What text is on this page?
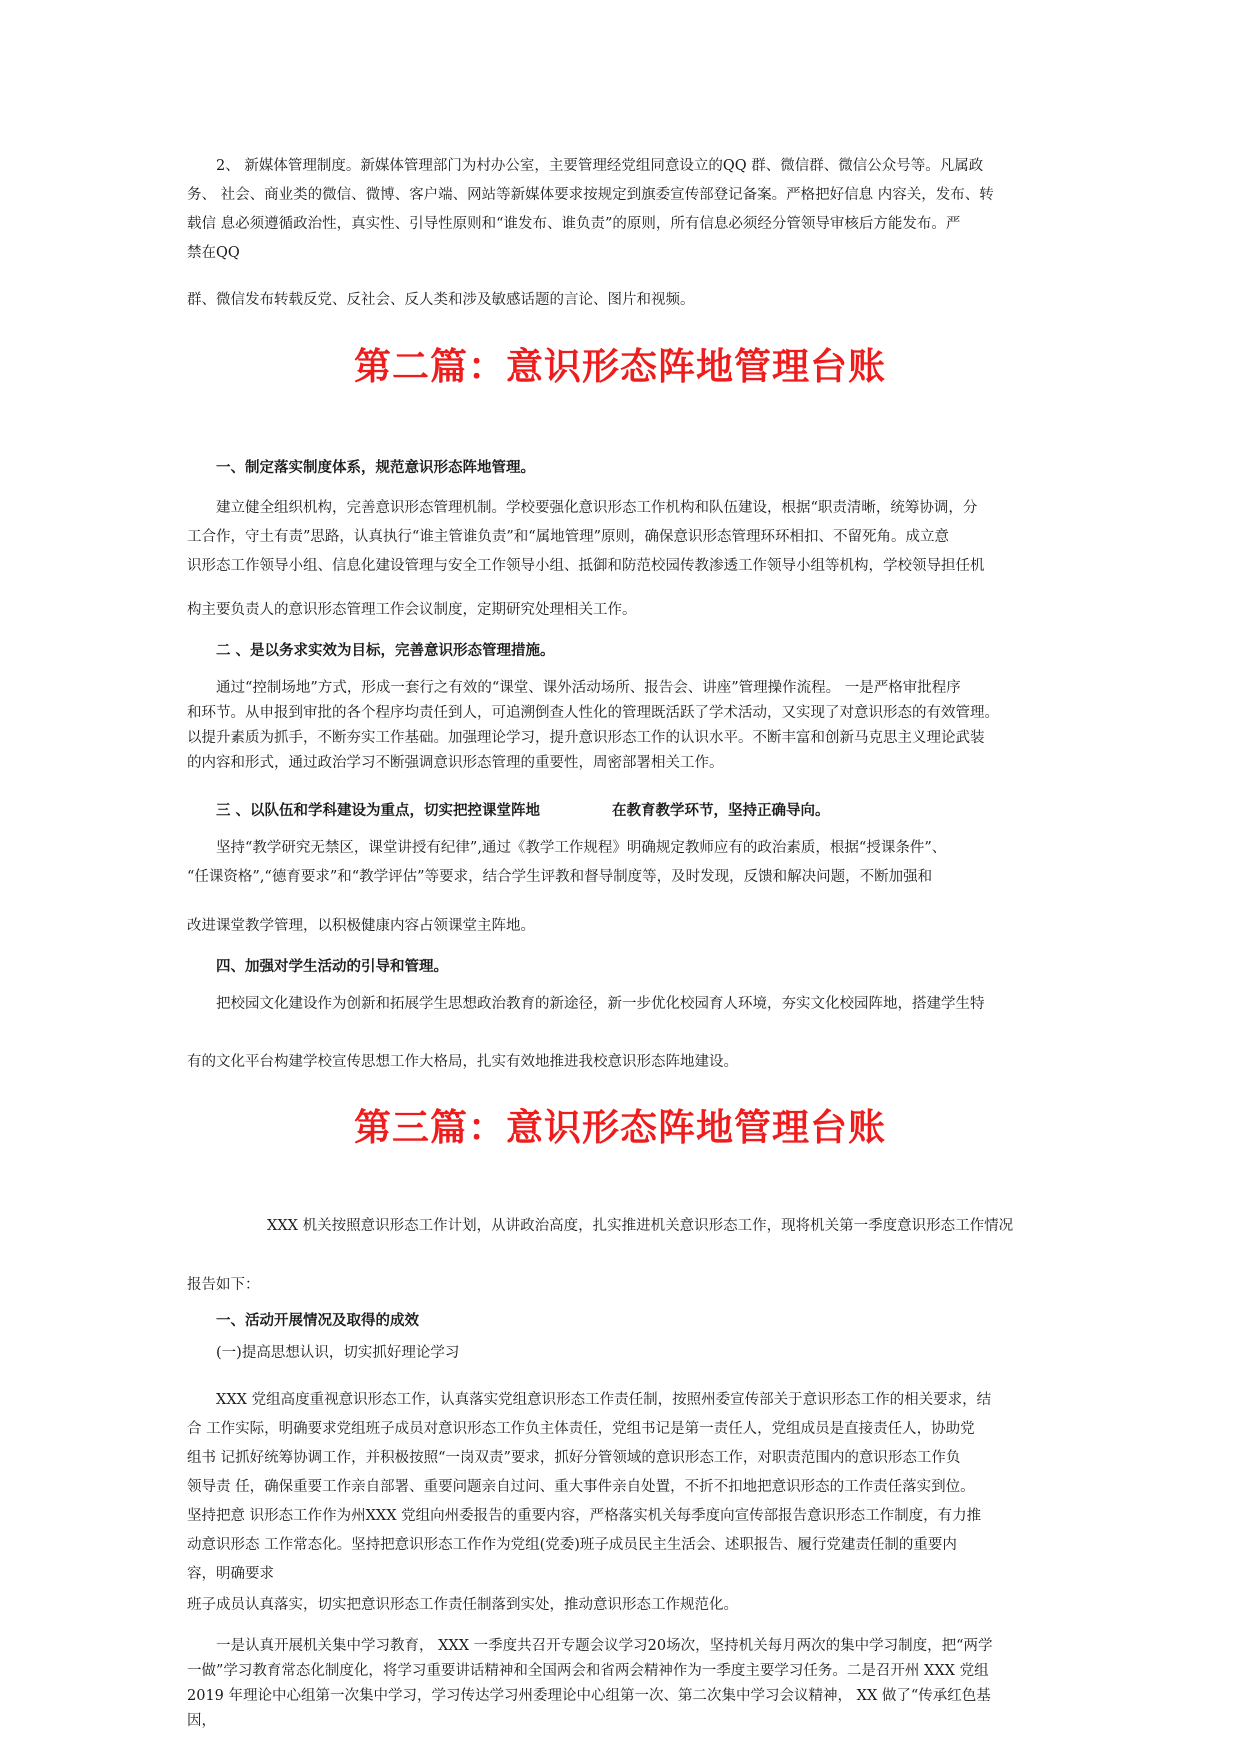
2、 新媒体管理制度。新媒体管理部门为村办公室，主要管理经党组同意设立的QQ 群、微信群、微信公众号等。凡属政
务、 社会、商业类的微信、微博、客户端、网站等新媒体要求按规定到旗委宣传部登记备案。严格把好信息 内容关，发布、转
载信 息必须遵循政治性，真实性、引导性原则和“谁发布、谁负责”的原则，所有信息必须经分管领导审核后方能发布。严
禁在QQ
群、微信发布转载反党、反社会、反人类和涉及敏感话题的言论、图片和视频。
第二篇：意识形态阵地管理台账
一、制定落实制度体系，规范意识形态阵地管理。
建立健全组织机构，完善意识形态管理机制。学校要强化意识形态工作机构和队伍建设，根据“职责清晰，统筹协调，分
工合作，守土有责”思路，认真执行“谁主管谁负责”和“属地管理”原则，确保意识形态管理环环相扣、不留死角。成立意
识形态工作领导小组、信息化建设管理与安全工作领导小组、抵御和防范校园传教渗透工作领导小组等机构，学校领导担任机
构主要负责人的意识形态管理工作会议制度，定期研究处理相关工作。
二 、是以务求实效为目标，完善意识形态管理措施。
通过“控制场地”方式，形成一套行之有效的“课堂、课外活动场所、报告会、讲座”管理操作流程。 一是严格审批程序
和环节。从申报到审批的各个程序均责任到人，可追溯倒查人性化的管理既活跃了学术活动，又实现了对意识形态的有效管理。
以提升素质为抓手，不断夯实工作基础。加强理论学习，提升意识形态工作的认识水平。不断丰富和创新马克思主义理论武装
的内容和形式，通过政治学习不断强调意识形态管理的重要性，周密部署相关工作。
三 、以队伍和学科建设为重点，切实把控课堂阵地	在教育教学环节，坚持正确导向。
坚持“教学研究无禁区，课堂讲授有纪律”,通过《教学工作规程》明确规定教师应有的政治素质，根据“授课条件”、
“任课资格”,“德育要求”和“教学评估”等要求，结合学生评教和督导制度等，及时发现，反馈和解决问题，不断加强和
改进课堂教学管理，以积极健康内容占领课堂主阵地。
四、加强对学生活动的引导和管理。
把校园文化建设作为创新和拓展学生思想政治教育的新途径，新一步优化校园育人环境，夯实文化校园阵地，搭建学生特
有的文化平台构建学校宣传思想工作大格局，扎实有效地推进我校意识形态阵地建设。
第三篇：意识形态阵地管理台账
XXX 机关按照意识形态工作计划，从讲政治高度，扎实推进机关意识形态工作，现将机关第一季度意识形态工作情况
报告如下：
一、活动开展情况及取得的成效
(一)提高思想认识，切实抓好理论学习
XXX 党组高度重视意识形态工作，认真落实党组意识形态工作责任制，按照州委宣传部关于意识形态工作的相关要求，结
合 工作实际，明确要求党组班子成员对意识形态工作负主体责任，党组书记是第一责任人，党组成员是直接责任人，协助党
组书 记抓好统筹协调工作，并积极按照“一岗双责”要求，抓好分管领域的意识形态工作，对职责范围内的意识形态工作负
领导责 任，确保重要工作亲自部署、重要问题亲自过问、重大事件亲自处置，不折不扣地把意识形态的工作责任落实到位。
坚持把意 识形态工作作为州XXX 党组向州委报告的重要内容，严格落实机关每季度向宣传部报告意识形态工作制度，有力推
动意识形态 工作常态化。坚持把意识形态工作作为党组(党委)班子成员民主生活会、述职报告、履行党建责任制的重要内
容，明确要求
班子成员认真落实，切实把意识形态工作责任制落到实处，推动意识形态工作规范化。
一是认真开展机关集中学习教育， XXX 一季度共召开专题会议学习20场次，坚持机关每月两次的集中学习制度，把“两学
一做”学习教育常态化制度化，将学习重要讲话精神和全国两会和省两会精神作为一季度主要学习任务。二是召开州 XXX 党组
2019 年理论中心组第一次集中学习，学习传达学习州委理论中心组第一次、第二次集中学习会议精神， XX 做了“传承红色基
因，
